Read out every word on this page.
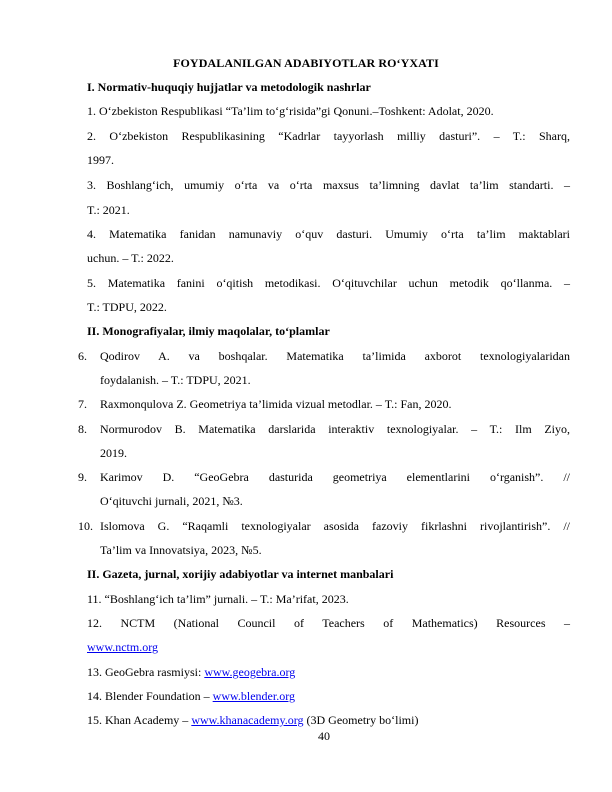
FOYDALANILGAN ADABIYOTLAR RO‘YXATI
I. Normativ-huquqiy hujjatlar va metodologik nashrlar
1. O‘zbekiston Respublikasi “Ta’lim to‘g‘risida”gi Qonuni.–Toshkent: Adolat, 2020.
2. O‘zbekiston Respublikasining “Kadrlar tayyorlash milliy dasturi”. – T.: Sharq,
1997.
3. Boshlang‘ich, umumiy o‘rta va o‘rta maxsus ta’limning davlat ta’lim standarti. –
T.: 2021.
4. Matematika fanidan namunaviy o‘quv dasturi. Umumiy o‘rta ta’lim maktablari
uchun. – T.: 2022.
5. Matematika fanini o‘qitish metodikasi. O‘qituvchilar uchun metodik qo‘llanma. –
T.: TDPU, 2022.
II. Monografiyalar, ilmiy maqolalar, to‘plamlar
6. Qodirov A. va boshqalar. Matematika ta’limida axborot texnologiyalaridan
foydalanish. – T.: TDPU, 2021.
7. Raxmonqulova Z. Geometriya ta’limida vizual metodlar. – T.: Fan, 2020.
8. Normurodov B. Matematika darslarida interaktiv texnologiyalar. – T.: Ilm Ziyo,
2019.
9. Karimov D. “GeoGebra dasturida geometriya elementlarini o‘rganish”. //
O‘qituvchi jurnali, 2021, №3.
10. Islomova G. “Raqamli texnologiyalar asosida fazoviy fikrlashni rivojlantirish”. //
Ta’lim va Innovatsiya, 2023, №5.
II. Gazeta, jurnal, xorijiy adabiyotlar va internet manbalari
11. “Boshlang‘ich ta’lim” jurnali. – T.: Ma’rifat, 2023.
12. NCTM (National Council of Teachers of Mathematics) Resources –
www.nctm.org
13. GeoGebra rasmiysi: www.geogebra.org
14. Blender Foundation – www.blender.org
15. Khan Academy – www.khanacademy.org (3D Geometry bo‘limi)
40
